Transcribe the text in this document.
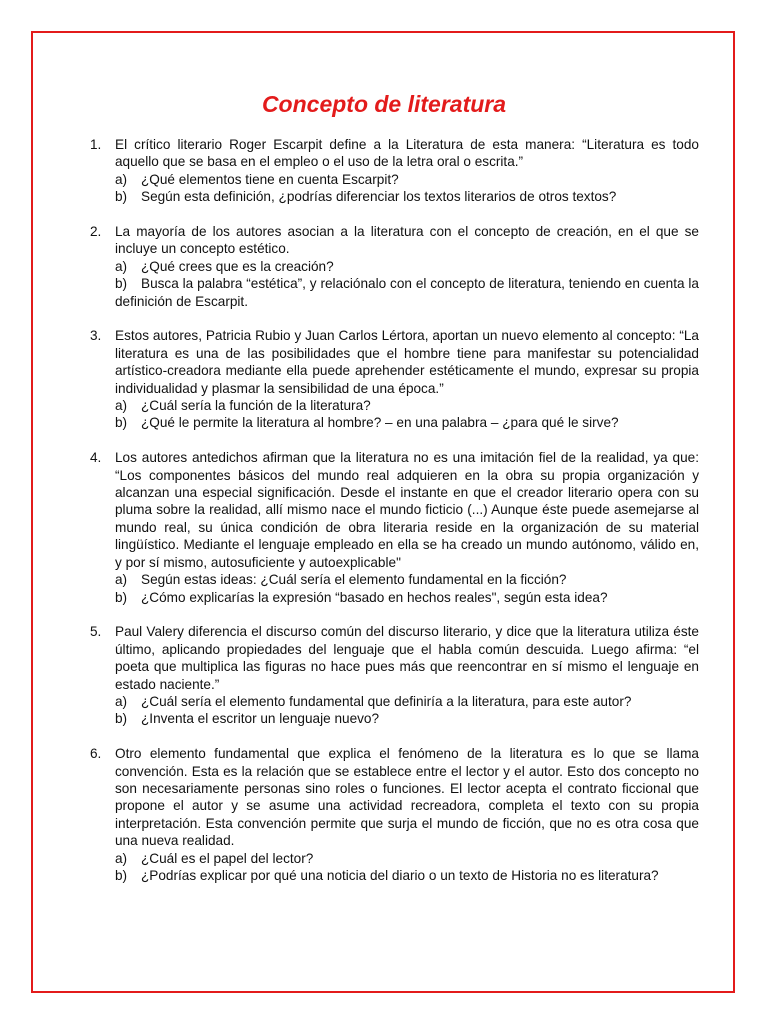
Concepto de literatura
1. El crítico literario Roger Escarpit define a la Literatura de esta manera: “Literatura es todo aquello que se basa en el empleo o el uso de la letra oral o escrita.”
a) ¿Qué elementos tiene en cuenta Escarpit?
b) Según esta definición, ¿podrías diferenciar los textos literarios de otros textos?
2. La mayoría de los autores asocian a la literatura con el concepto de creación, en el que se incluye un concepto estético.
a) ¿Qué crees que es la creación?
b) Busca la palabra “estética”, y relaciónalo con el concepto de literatura, teniendo en cuenta la definición de Escarpit.
3. Estos autores, Patricia Rubio y Juan Carlos Lértora, aportan un nuevo elemento al concepto: “La literatura es una de las posibilidades que el hombre tiene para manifestar su potencialidad artístico-creadora mediante ella puede aprehender estéticamente el mundo, expresar su propia individualidad y plasmar la sensibilidad de una época.”
a) ¿Cuál sería la función de la literatura?
b) ¿Qué le permite la literatura al hombre? – en una palabra – ¿para qué le sirve?
4. Los autores antedichos afirman que la literatura no es una imitación fiel de la realidad, ya que: “Los componentes básicos del mundo real adquieren en la obra su propia organización y alcanzan una especial significación. Desde el instante en que el creador literario opera con su pluma sobre la realidad, allí mismo nace el mundo ficticio (...) Aunque éste puede asemejarse al mundo real, su única condición de obra literaria reside en la organización de su material lingüístico. Mediante el lenguaje empleado en ella se ha creado un mundo autónomo, válido en, y por sí mismo, autosuficiente y autoexplicable"
a) Según estas ideas: ¿Cuál sería el elemento fundamental en la ficción?
b) ¿Cómo explicarías la expresión “basado en hechos reales", según esta idea?
5. Paul Valery diferencia el discurso común del discurso literario, y dice que la literatura utiliza éste último, aplicando propiedades del lenguaje que el habla común descuida. Luego afirma: “el poeta que multiplica las figuras no hace pues más que reencontrar en sí mismo el lenguaje en estado naciente.”
a) ¿Cuál sería el elemento fundamental que definiría a la literatura, para este autor?
b) ¿Inventa el escritor un lenguaje nuevo?
6. Otro elemento fundamental que explica el fenómeno de la literatura es lo que se llama convención. Esta es la relación que se establece entre el lector y el autor. Esto dos concepto no son necesariamente personas sino roles o funciones. El lector acepta el contrato ficcional que propone el autor y se asume una actividad recreadora, completa el texto con su propia interpretación. Esta convención permite que surja el mundo de ficción, que no es otra cosa que una nueva realidad.
a) ¿Cuál es el papel del lector?
b) ¿Podrías explicar por qué una noticia del diario o un texto de Historia no es literatura?
